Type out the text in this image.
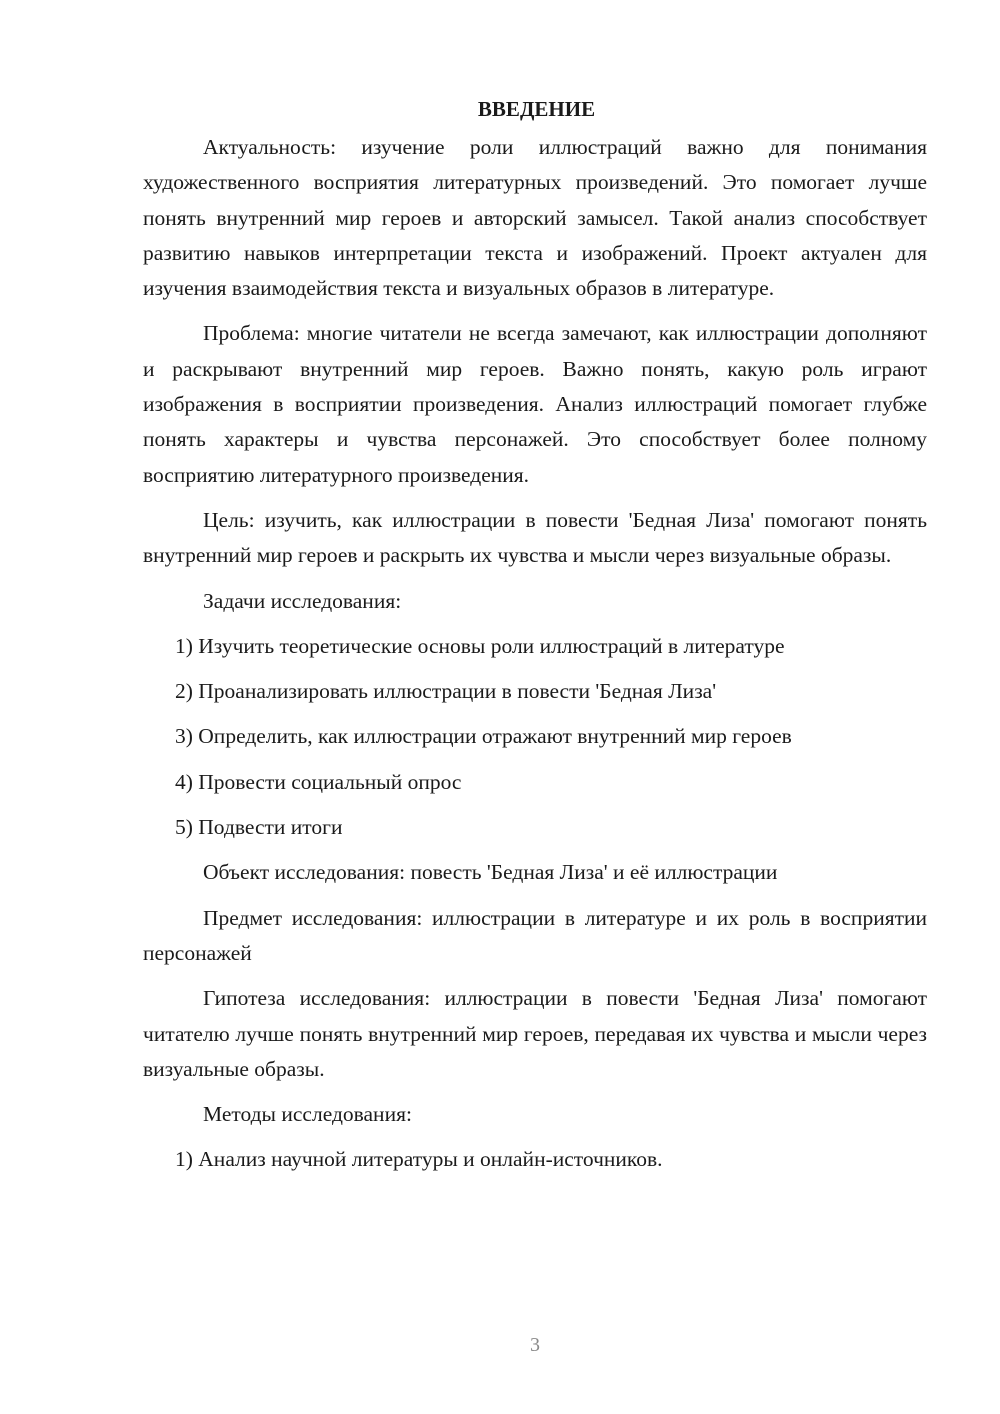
ВВЕДЕНИЕ

Актуальность: изучение роли иллюстраций важно для понимания художественного восприятия литературных произведений. Это помогает лучше понять внутренний мир героев и авторский замысел. Такой анализ способствует развитию навыков интерпретации текста и изображений. Проект актуален для изучения взаимодействия текста и визуальных образов в литературе.

Проблема: многие читатели не всегда замечают, как иллюстрации дополняют и раскрывают внутренний мир героев. Важно понять, какую роль играют изображения в восприятии произведения. Анализ иллюстраций помогает глубже понять характеры и чувства персонажей. Это способствует более полному восприятию литературного произведения.

Цель: изучить, как иллюстрации в повести 'Бедная Лиза' помогают понять внутренний мир героев и раскрыть их чувства и мысли через визуальные образы.

Задачи исследования:

1) Изучить теоретические основы роли иллюстраций в литературе
2) Проанализировать иллюстрации в повести 'Бедная Лиза'
3) Определить, как иллюстрации отражают внутренний мир героев
4) Провести социальный опрос
5) Подвести итоги

Объект исследования: повесть 'Бедная Лиза' и её иллюстрации

Предмет исследования: иллюстрации в литературе и их роль в восприятии персонажей

Гипотеза исследования: иллюстрации в повести 'Бедная Лиза' помогают читателю лучше понять внутренний мир героев, передавая их чувства и мысли через визуальные образы.

Методы исследования:

1) Анализ научной литературы и онлайн-источников.
3
